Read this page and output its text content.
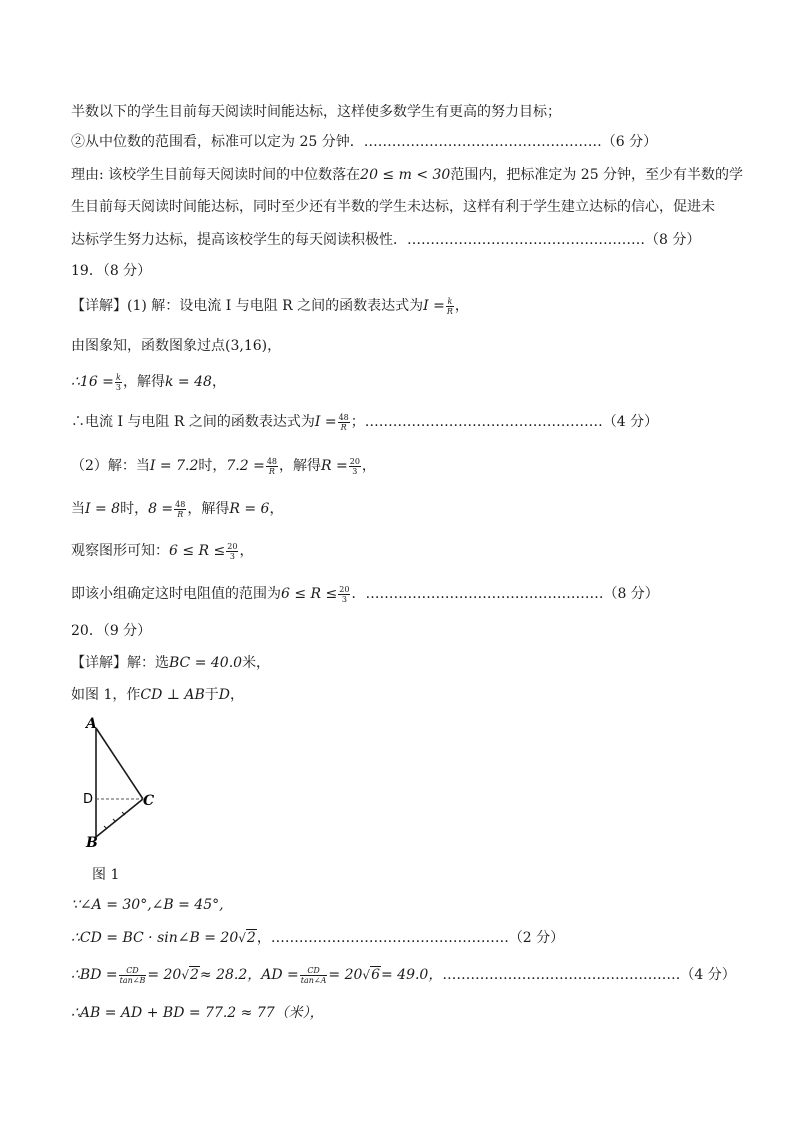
半数以下的学生目前每天阅读时间能达标，这样使多数学生有更高的努力目标；
②从中位数的范围看，标准可以定为 25 分钟．……………………………………………（6 分）
理由: 该校学生目前每天阅读时间的中位数落在20 ≤ m < 30范围内，把标准定为 25 分钟，至少有半数的学
生目前每天阅读时间能达标，同时至少还有半数的学生未达标，这样有利于学生建立达标的信心，促进未
达标学生努力达标，提高该校学生的每天阅读积极性．……………………………………………（8 分）
19．（8 分）
【详解】(1) 解：设电流 I 与电阻 R 之间的函数表达式为$I = \frac{k}{R}$ ，
由图象知，函数图象过点(3,16)，
∴16 = $\frac{k}{3}$ ，解得k = 48，
∴电流 I 与电阻 R 之间的函数表达式为$I = \frac{48}{R}$ ；……………………………………………（4 分）
（2）解：当I = 7.2时，$7.2 = \frac{48}{R}$ ，解得$R = \frac{20}{3}$ ，
当I = 8时，$8 = \frac{48}{R}$ ，解得R = 6，
观察图形可知：$6 \le R \le \frac{20}{3}$ ，
即该小组确定这时电阻值的范围为$6 \le R \le \frac{20}{3}$ ．……………………………………………（8 分）
20．（9 分）
【详解】解：选BC = 40.0米，
如图 1，作CD ⊥ AB于D，
A
D	C
B
图 1
∵∠A = 30°,∠B = 45°,
∴CD = BC · sin∠B = 20√2，……………………………………………（2 分）
∴BD = $\frac{CD}{\tan\angle B} = 20√2\approx 28.2$，AD = $\frac{CD}{\tan\angle A} = 20√6= 49.0$，……………………………………………（4 分）
∴AB = AD + BD = 77.2 ≈ 77（米），
